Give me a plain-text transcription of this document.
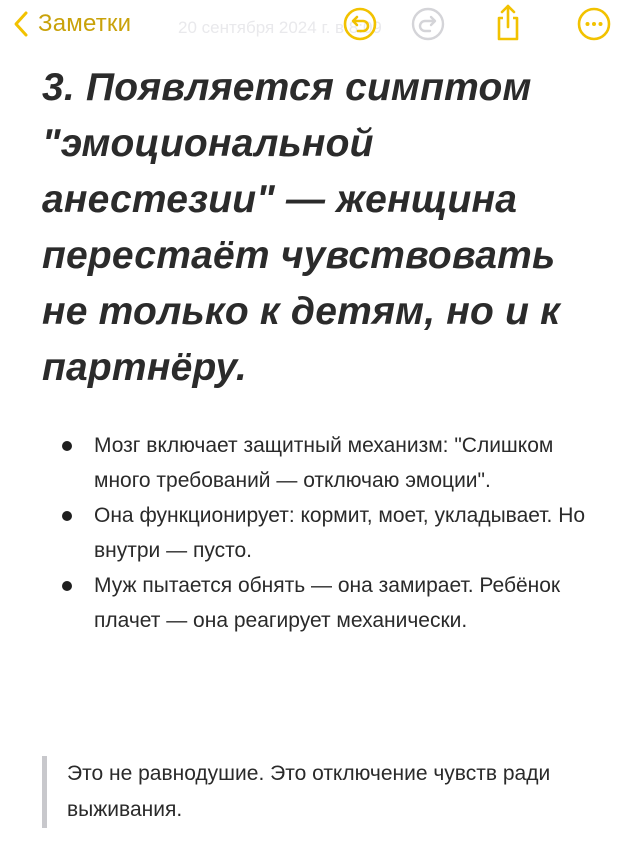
Заметки	20 сентября 2024 г. в 8:09
3. Появляется симптом "эмоциональной анестезии" — женщина перестаёт чувствовать не только к детям, но и к партнёру.
Мозг включает защитный механизм: "Слишком много требований — отключаю эмоции".
Она функционирует: кормит, моет, укладывает. Но внутри — пусто.
Муж пытается обнять — она замирает. Ребёнок плачет — она реагирует механически.
Это не равнодушие. Это отключение чувств ради выживания.
